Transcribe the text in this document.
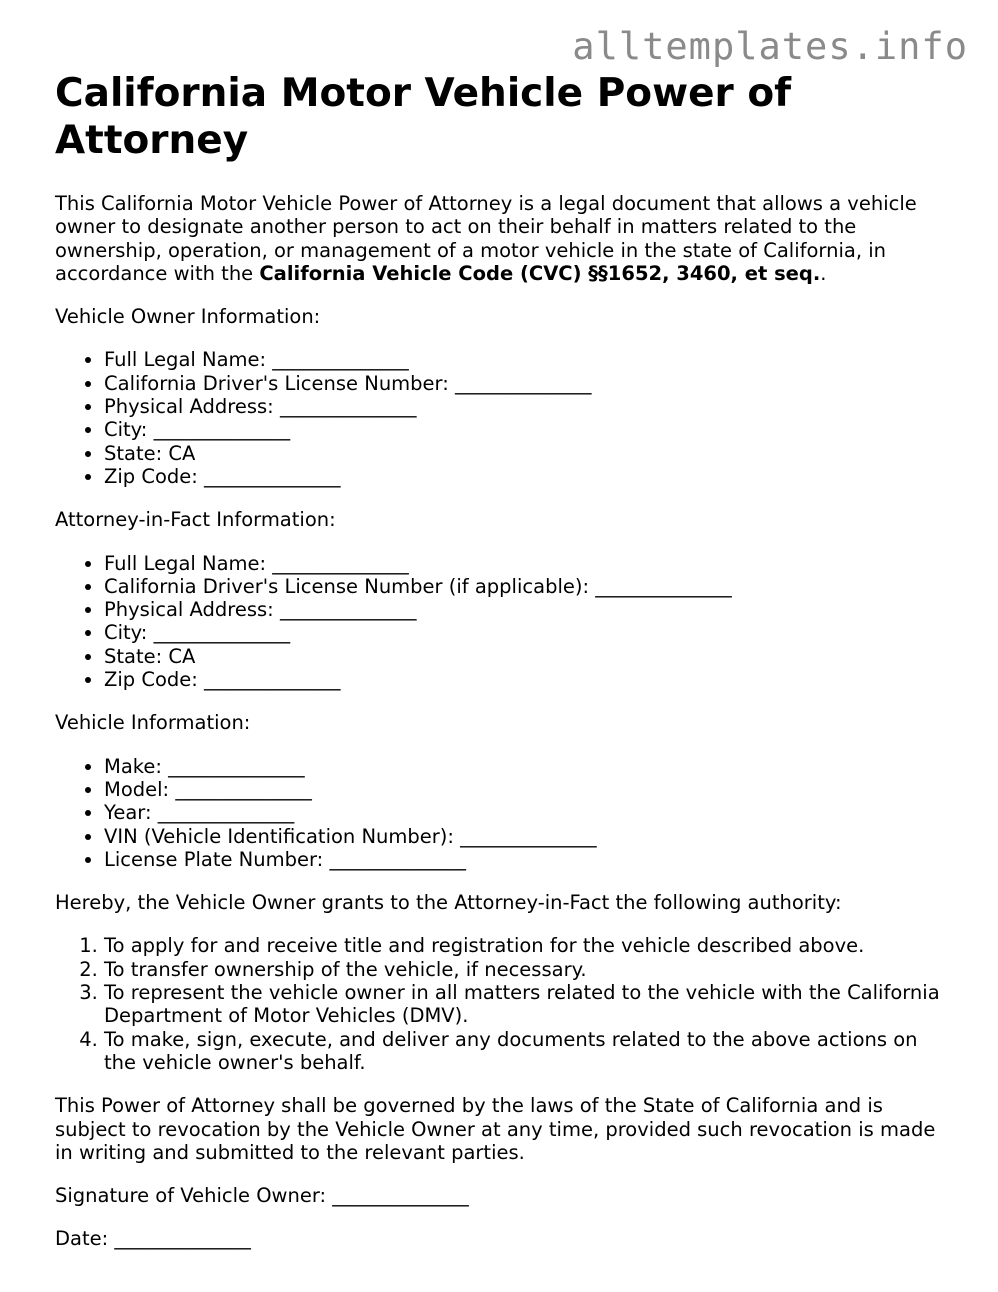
alltemplates.info
California Motor Vehicle Power of Attorney

This California Motor Vehicle Power of Attorney is a legal document that allows a vehicle owner to designate another person to act on their behalf in matters related to the ownership, operation, or management of a motor vehicle in the state of California, in accordance with the California Vehicle Code (CVC) §§1652, 3460, et seq..

Vehicle Owner Information:

• Full Legal Name: ______________
• California Driver's License Number: ______________
• Physical Address: ______________
• City: ______________
• State: CA
• Zip Code: ______________

Attorney-in-Fact Information:

• Full Legal Name: ______________
• California Driver's License Number (if applicable): ______________
• Physical Address: ______________
• City: ______________
• State: CA
• Zip Code: ______________

Vehicle Information:

• Make: ______________
• Model: ______________
• Year: ______________
• VIN (Vehicle Identification Number): ______________
• License Plate Number: ______________

Hereby, the Vehicle Owner grants to the Attorney-in-Fact the following authority:

1. To apply for and receive title and registration for the vehicle described above.
2. To transfer ownership of the vehicle, if necessary.
3. To represent the vehicle owner in all matters related to the vehicle with the California Department of Motor Vehicles (DMV).
4. To make, sign, execute, and deliver any documents related to the above actions on the vehicle owner's behalf.

This Power of Attorney shall be governed by the laws of the State of California and is subject to revocation by the Vehicle Owner at any time, provided such revocation is made in writing and submitted to the relevant parties.

Signature of Vehicle Owner: ______________

Date: ______________
